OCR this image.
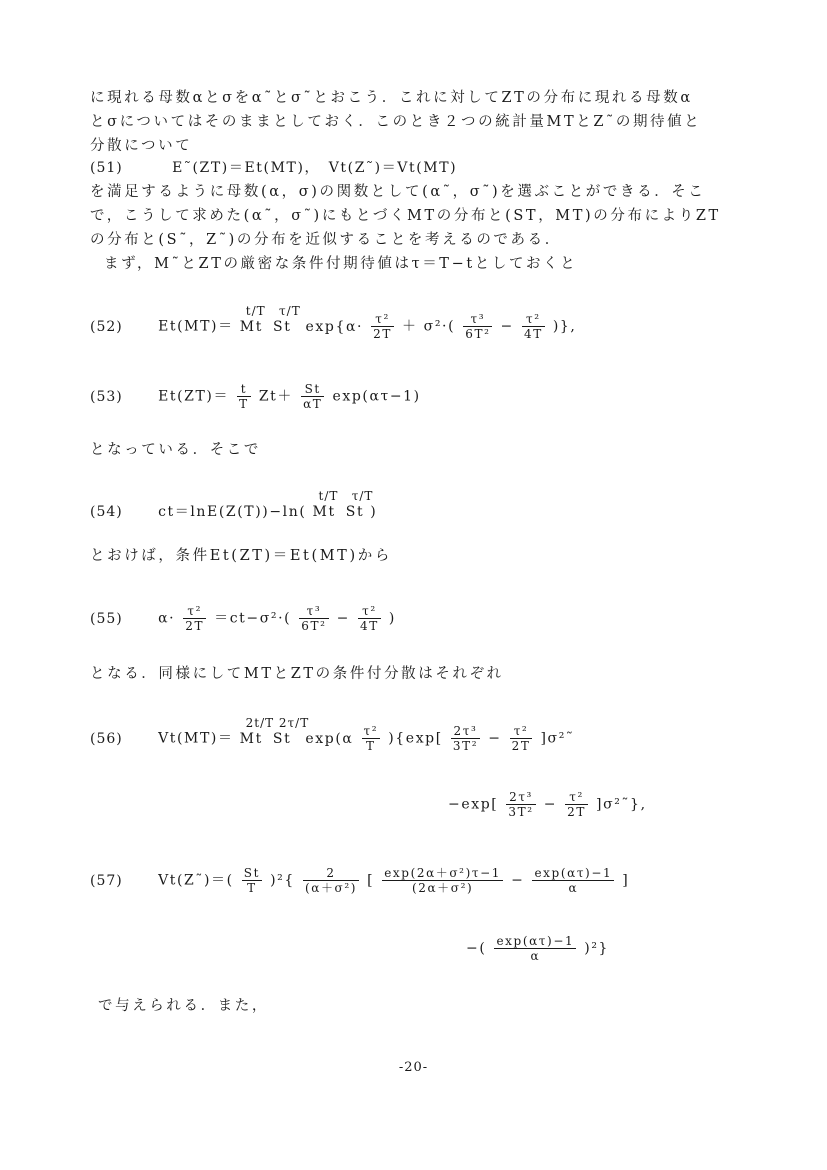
に現れる母数αとσをα˜とσ˜とおこう．これに対してZTの分布に現れる母数α
とσについてはそのままとしておく．このとき２つの統計量MTとZ˜の期待値と
分散について
(51)	E˜(ZT)＝Et(MT)，　Vt(Z˜)＝Vt(MT)
を満足するように母数(α，σ)の関数として(α˜，σ˜)を選ぶことができる．そこ
で，こうして求めた(α˜，σ˜)にもとづくMTの分布と(ST，MT)の分布によりZT
の分布と(S˜，Z˜)の分布を近似することを考えるのである．
まず，M˜とZTの厳密な条件付期待値はτ＝T−tとしておくと
(52)	Et(MT)＝ Mt
t/T
St
τ/T
$\exp\{\alpha\cdot \frac{\text{τ²}}{2T} + \sigma^2\cdot( \frac{\text{τ³}}{\text{6T²}} - \frac{\text{τ²}}{4T}$ )},
(53)	$Et(ZT)= \frac{t}{T} Zt+ \frac{St}{\alpha T} \exp(\alpha\tau-1)$
となっている．そこで
(54)	ct＝lnE(Z(T))−ln( Mt
t/T
St
τ/T
)
とおけば，条件Et(ZT)＝Et(MT)から
(55)	$\alpha\cdot \frac{\text{τ²}}{2T} =ct-\sigma^2\cdot( \frac{\text{τ³}}{\text{6T²}} - \frac{\text{τ²}}{4T}$ )
となる．同様にしてMTとZTの条件付分散はそれぞれ
(56)	Vt(MT)＝ Mt
2t/T
St
2τ/T
$\exp(\alpha \frac{\text{τ²}}{T} )\{\exp[ \frac{\text{2τ³}}{\text{3T²}} - \frac{\text{τ²}}{2T}$ ]σ²˜
$-\exp[ \frac{\text{2τ³}}{\text{3T²}} - \frac{\text{τ²}}{2T}$ ]σ²˜},
(57)	Vt(Z˜)＝( $\frac{St}{T} )^2\{ \frac{2}{\text{(α＋σ²)}}$ [ $\frac{\text{exp(2α＋σ²)τ−1}}{\text{(2α＋σ²)}} - \frac{\exp(\alpha\tau)-1}{\alpha}$ ]
−( $\frac{\exp(\alpha\tau)-1}{\alpha} )^2$}
で与えられる．また，
-20-
